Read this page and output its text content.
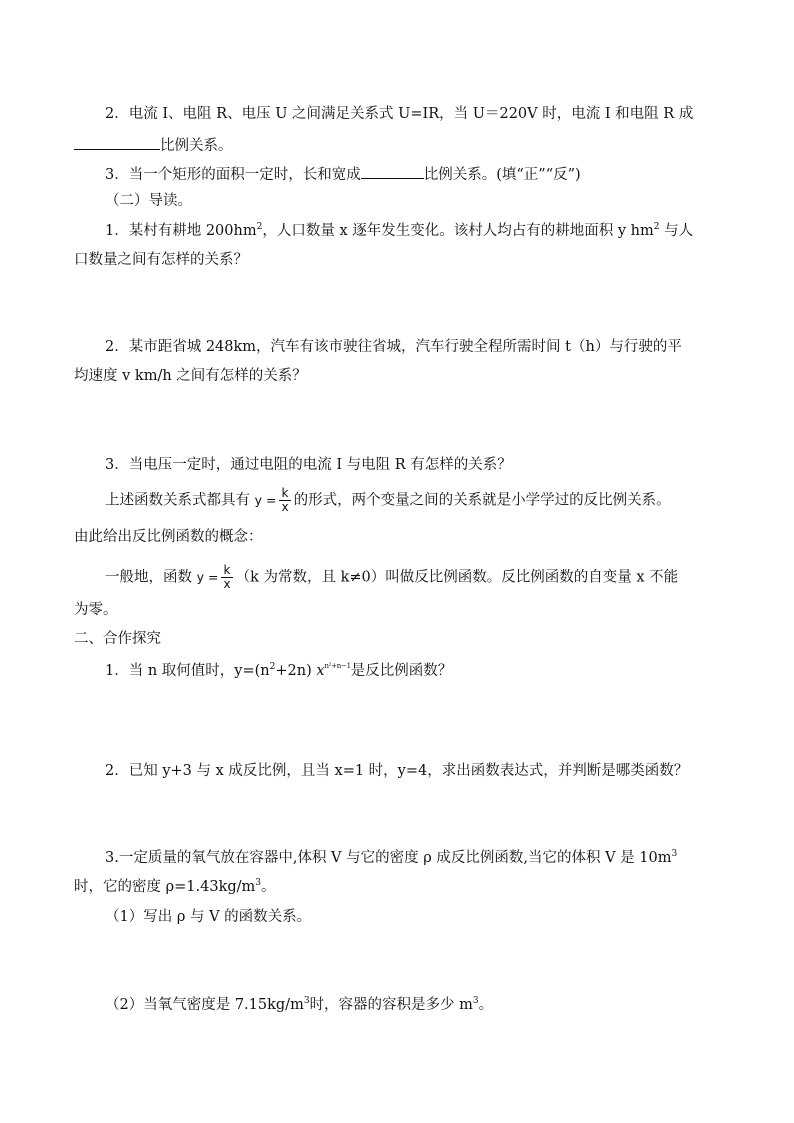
2．电流 I、电阻 R、电压 U 之间满足关系式 U=IR，当 U＝220V 时，电流 I 和电阻 R 成
比例关系。
3．当一个矩形的面积一定时，长和宽成	比例关系。(填“正”“反”)
（二）导读。
1．某村有耕地 $200hm^2$，人口数量 x 逐年发生变化。该村人均占有的耕地面积 y $hm^2$ 与人
口数量之间有怎样的关系？
2．某市距省城 248km，汽车有该市驶往省城，汽车行驶全程所需时间 t（h）与行驶的平
均速度 v km/h 之间有怎样的关系？
3．当电压一定时，通过电阻的电流 I 与电阻 R 有怎样的关系？
上述函数关系式都具有 $y = \frac{k}{x}$ 的形式，两个变量之间的关系就是小学学过的反比例关系。
由此给出反比例函数的概念：
一般地，函数 $y = \frac{k}{x} (k$ 为常数，且 k≠0）叫做反比例函数。反比例函数的自变量 x 不能
为零。
二、合作探究
1．当 n 取何值时，$y=(n^2+2n)$ $x^{n^2+n-1}$是反比例函数？
2．已知 y+3 与 x 成反比例，且当 x=1 时，y=4，求出函数表达式，并判断是哪类函数？
3.一定质量的氧气放在容器中,体积 V 与它的密度 ρ 成反比例函数,当它的体积 V 是 $10m^3$
时，它的密度 $\rho=1.43kg/m^3$。
（1）写出 ρ 与 V 的函数关系。
（2）当氧气密度是 $7.15kg/m^3$时，容器的容积是多少 $m^3$。
